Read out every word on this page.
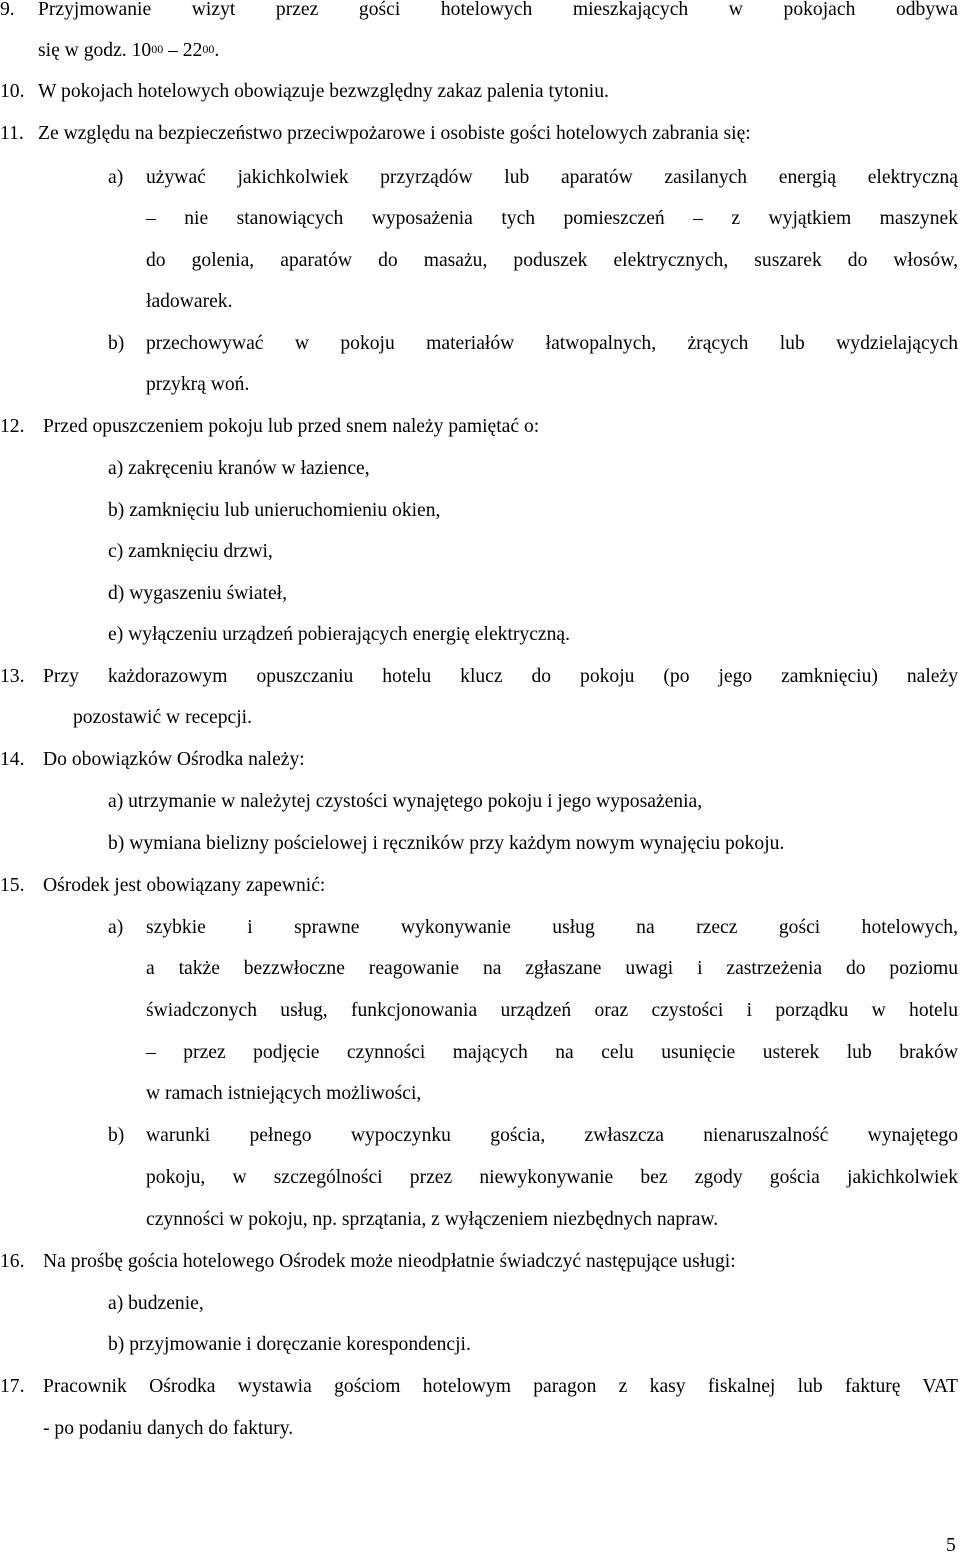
9. Przyjmowanie wizyt przez gości hotelowych mieszkających w pokojach odbywa
się w godz. $10^{00} - 22^{00}$.
10. W pokojach hotelowych obowiązuje bezwzględny zakaz palenia tytoniu.
11. Ze względu na bezpieczeństwo przeciwpożarowe i osobiste gości hotelowych zabrania się:
a) używać jakichkolwiek przyrządów lub aparatów zasilanych energią elektryczną
– nie stanowiących wyposażenia tych pomieszczeń – z wyjątkiem maszynek
do golenia, aparatów do masażu, poduszek elektrycznych, suszarek do włosów,
ładowarek.
b) przechowywać w pokoju materiałów łatwopalnych, żrących lub wydzielających
przykrą woń.
12. Przed opuszczeniem pokoju lub przed snem należy pamiętać o:
a) zakręceniu kranów w łazience,
b) zamknięciu lub unieruchomieniu okien,
c) zamknięciu drzwi,
d) wygaszeniu świateł,
e) wyłączeniu urządzeń pobierających energię elektryczną.
13. Przy każdorazowym opuszczaniu hotelu klucz do pokoju (po jego zamknięciu) należy
pozostawić w recepcji.
14. Do obowiązków Ośrodka należy:
a) utrzymanie w należytej czystości wynajętego pokoju i jego wyposażenia,
b) wymiana bielizny pościelowej i ręczników przy każdym nowym wynajęciu pokoju.
15. Ośrodek jest obowiązany zapewnić:
a) szybkie i sprawne wykonywanie usług na rzecz gości hotelowych,
a także bezzwłoczne reagowanie na zgłaszane uwagi i zastrzeżenia do poziomu
świadczonych usług, funkcjonowania urządzeń oraz czystości i porządku w hotelu
– przez podjęcie czynności mających na celu usunięcie usterek lub braków
w ramach istniejących możliwości,
b) warunki pełnego wypoczynku gościa, zwłaszcza nienaruszalność wynajętego
pokoju, w szczególności przez niewykonywanie bez zgody gościa jakichkolwiek
czynności w pokoju, np. sprzątania, z wyłączeniem niezbędnych napraw.
16. Na prośbę gościa hotelowego Ośrodek może nieodpłatnie świadczyć następujące usługi:
a) budzenie,
b) przyjmowanie i doręczanie korespondencji.
17. Pracownik Ośrodka wystawia gościom hotelowym paragon z kasy fiskalnej lub fakturę VAT
- po podaniu danych do faktury.
5
